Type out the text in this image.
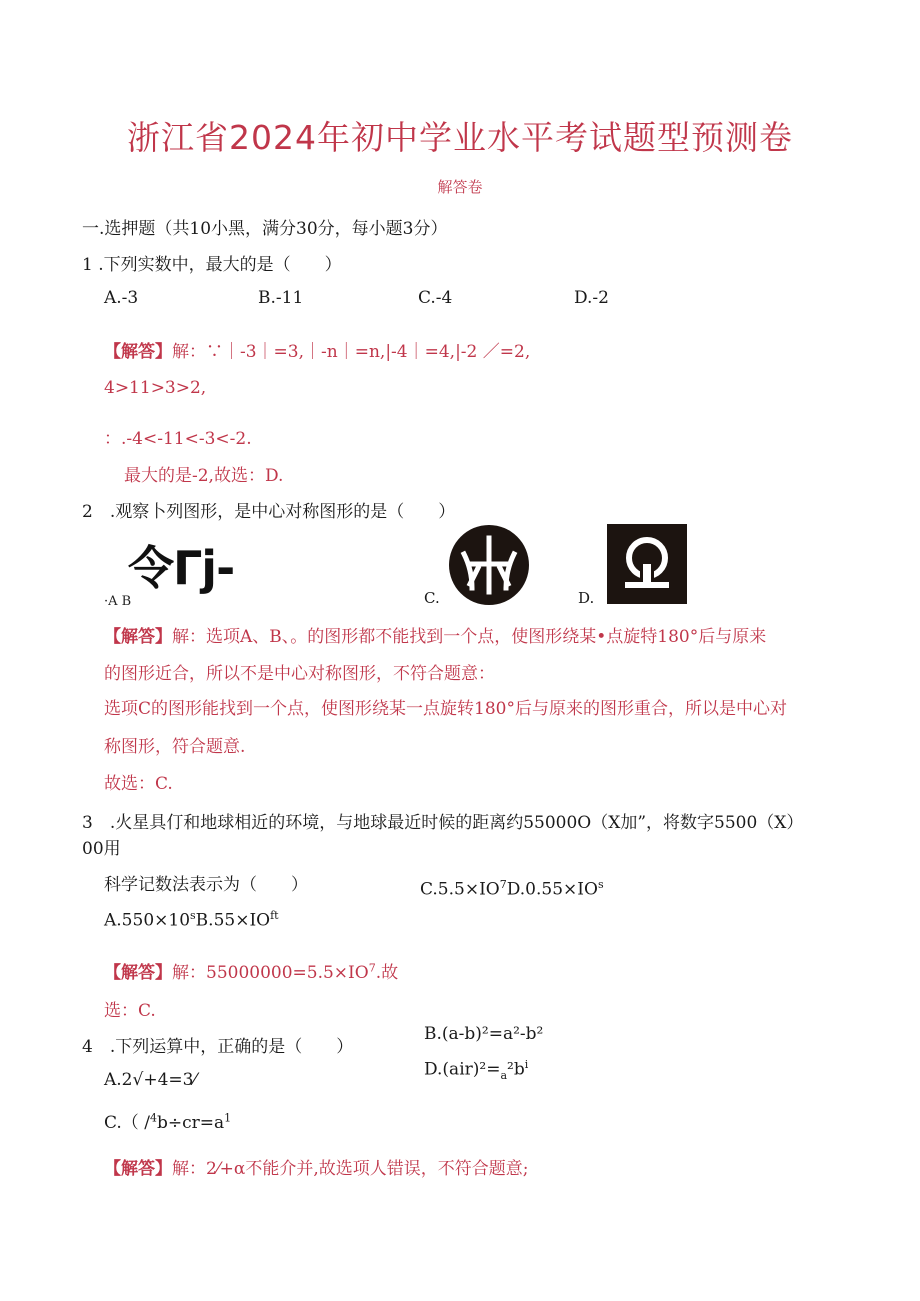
浙江省2024年初中学业水平考试题型预测卷
解答卷
一.选押题（共10小黑，满分30分，每小题3分）
1 .下列实数中，最大的是（　　）
A.-3	B.-11	C.-4	D.-2
【解答】解：∵｜-3｜=3,｜-n｜=n,|-4｜=4,|-2 ／=2,
4>11>3>2,
：.-4<-11<-3<-2.
最大的是-2,故选：D.
2　.观察卜列图形，是中心对称图形的是（　　）
令Гj-
·A B	C.	D.
【解答】解：选项A、B、。的图形都不能找到一个点，使图形绕某•点旋特180°后与原来
的图形近合，所以不是中心对称图形，不符合题意：
选项C的图形能找到一个点，使图形绕某一点旋转180°后与原来的图形重合，所以是中心对
称图形，符合题意.
故选：C.
3　.火星具仃和地球相近的环境，与地球最近时候的距离约55000O（X加”，将数字5500（X）
00用
科学记数法表示为（　　）	$C.5.5\times IO^7D.0.55\times IO^s$
$A.550\times 10^sB.55\times IO^{ft}$
【解答】解：$55000000=5.5\times IO^7$.故
选：C.
B.(a-b)²=a²-b²
4　.下列运算中，正确的是（　　）
$D.(air)^2=_a^2b^i$
A.2√+4=3⁄
C.（ $/^4b\div cr=a^1$
【解答】解：2⁄+α不能介并,故选项人错误，不符合题意;
